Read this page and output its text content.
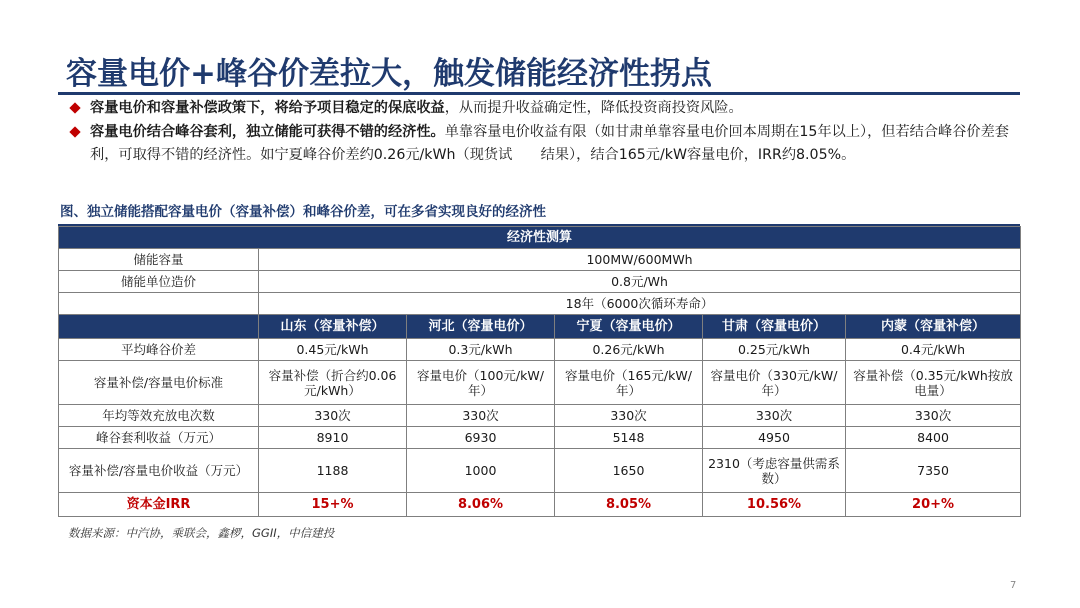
容量电价+峰谷价差拉大，触发储能经济性拐点
容量电价和容量补偿政策下，将给予项目稳定的保底收益，从而提升收益确定性，降低投资商投资风险。
容量电价结合峰谷套利，独立储能可获得不错的经济性。单靠容量电价收益有限（如甘肃单靠容量电价回本周期在15年以上），但若结合峰谷价差套利，可取得不错的经济性。如宁夏峰谷价差约0.26元/kWh（现货试　　结果），结合165元/kW容量电价，IRR约8.05%。
图、独立储能搭配容量电价（容量补偿）和峰谷价差，可在多省实现良好的经济性
经济性测算					
储能容量	100MW/600MWh				
储能单位造价	0.8元/Wh				
	18年（6000次循环寿命）				
	山东（容量补偿）	河北（容量电价）	宁夏（容量电价）	甘肃（容量电价）	内蒙（容量补偿）
平均峰谷价差	0.45元/kWh	0.3元/kWh	0.26元/kWh	0.25元/kWh	0.4元/kWh
容量补偿/容量电价标准	容量补偿（折合约0.06元/kWh）	容量电价（100元/kW/年）	容量电价（165元/kW/年）	容量电价（330元/kW/年）	容量补偿（0.35元/kWh按放电量）
年均等效充放电次数	330次	330次	330次	330次	330次
峰谷套利收益（万元）	8910	6930	5148	4950	8400
容量补偿/容量电价收益（万元）	1188	1000	1650	2310（考虑容量供需系数）	7350
资本金IRR	15+%	8.06%	8.05%	10.56%	20+%
数据来源：中汽协，乘联会，鑫椤，GGII，中信建投
7
